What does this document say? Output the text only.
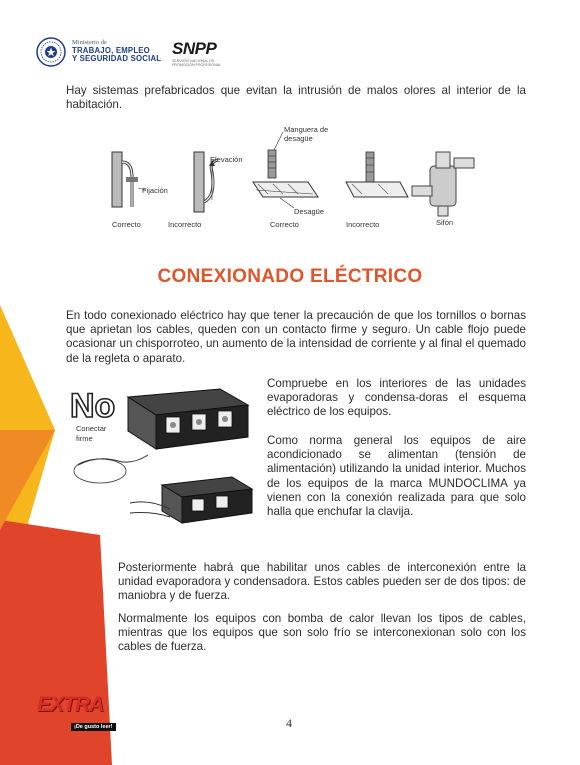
Ministerio de
TRABAJO, EMPLEO
Y SEGURIDAD SOCIAL
SNPP
SERVICIO NACIONAL DE PROMOCIÓN PROFESIONAL
Hay sistemas prefabricados que evitan la intrusión de malos olores al interior de la habitación.
Fijación
Correcto
Elevación
Incorrecto
Manguera de
desagüe
Desagüe
Correcto	Incorrecto	Sifón
CONEXIONADO ELÉCTRICO
En todo conexionado eléctrico hay que tener la precaución de que los tornillos o bornas que aprietan los cables, queden con un contacto firme y seguro. Un cable flojo puede ocasionar un chisporroteo, un aumento de la intensidad de corriente y al final el quemado de la regleta o aparato.
No
Conectar
firme
Compruebe en los interiores de las unidades evaporadoras y condensa-doras el esquema eléctrico de los equipos.
Como norma general los equipos de aire acondicionado se alimentan (tensión de alimentación) utilizando la unidad interior. Muchos de los equipos de la marca MUNDOCLIMA ya vienen con la conexión realizada para que solo halla que enchufar la clavija.
Posteriormente habrá que habilitar unos cables de interconexión entre la unidad evaporadora y condensadora. Estos cables pueden ser de dos tipos: de maniobra y de fuerza.
Normalmente los equipos con bomba de calor llevan los tipos de cables, mientras que los equipos que son solo frío se interconexionan solo con los cables de fuerza.
EXTRA
¡De gusto leer!	4
